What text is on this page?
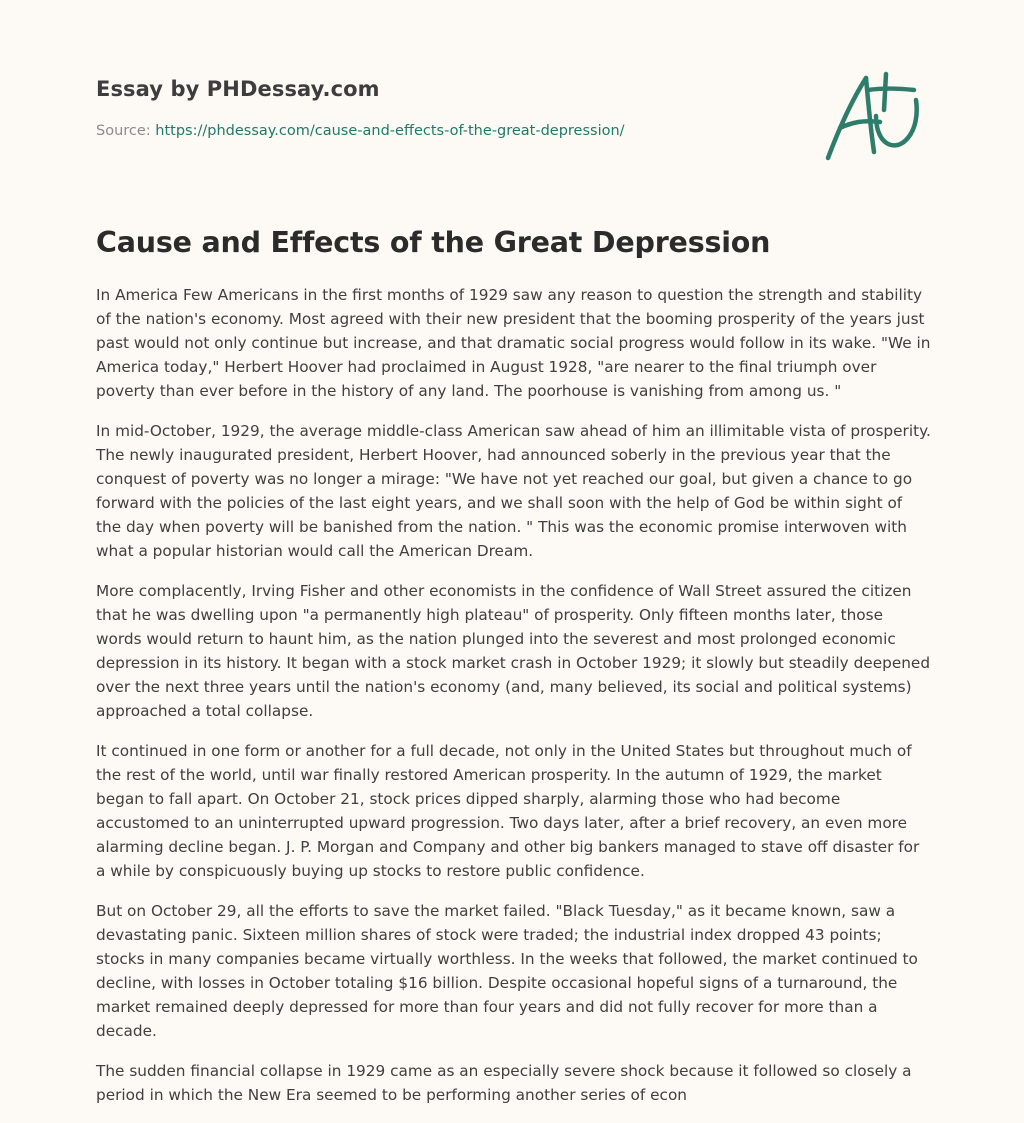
Essay by PHDessay.com
Source: https://phdessay.com/cause-and-effects-of-the-great-depression/
Cause and Effects of the Great Depression

In America Few Americans in the first months of 1929 saw any reason to question the strength and stability of the nation's economy. Most agreed with their new president that the booming prosperity of the years just past would not only continue but increase, and that dramatic social progress would follow in its wake. "We in America today," Herbert Hoover had proclaimed in August 1928, "are nearer to the final triumph over poverty than ever before in the history of any land. The poorhouse is vanishing from among us. "

In mid-October, 1929, the average middle-class American saw ahead of him an illimitable vista of prosperity. The newly inaugurated president, Herbert Hoover, had announced soberly in the previous year that the conquest of poverty was no longer a mirage: "We have not yet reached our goal, but given a chance to go forward with the policies of the last eight years, and we shall soon with the help of God be within sight of the day when poverty will be banished from the nation. " This was the economic promise interwoven with what a popular historian would call the American Dream.

More complacently, Irving Fisher and other economists in the confidence of Wall Street assured the citizen that he was dwelling upon "a permanently high plateau" of prosperity. Only fifteen months later, those words would return to haunt him, as the nation plunged into the severest and most prolonged economic depression in its history. It began with a stock market crash in October 1929; it slowly but steadily deepened over the next three years until the nation's economy (and, many believed, its social and political systems) approached a total collapse.

It continued in one form or another for a full decade, not only in the United States but throughout much of the rest of the world, until war finally restored American prosperity. In the autumn of 1929, the market began to fall apart. On October 21, stock prices dipped sharply, alarming those who had become accustomed to an uninterrupted upward progression. Two days later, after a brief recovery, an even more alarming decline began. J. P. Morgan and Company and other big bankers managed to stave off disaster for a while by conspicuously buying up stocks to restore public confidence.

But on October 29, all the efforts to save the market failed. "Black Tuesday," as it became known, saw a devastating panic. Sixteen million shares of stock were traded; the industrial index dropped 43 points; stocks in many companies became virtually worthless. In the weeks that followed, the market continued to decline, with losses in October totaling $16 billion. Despite occasional hopeful signs of a turnaround, the market remained deeply depressed for more than four years and did not fully recover for more than a decade.

The sudden financial collapse in 1929 came as an especially severe shock because it followed so closely a period in which the New Era seemed to be performing another series of econ
